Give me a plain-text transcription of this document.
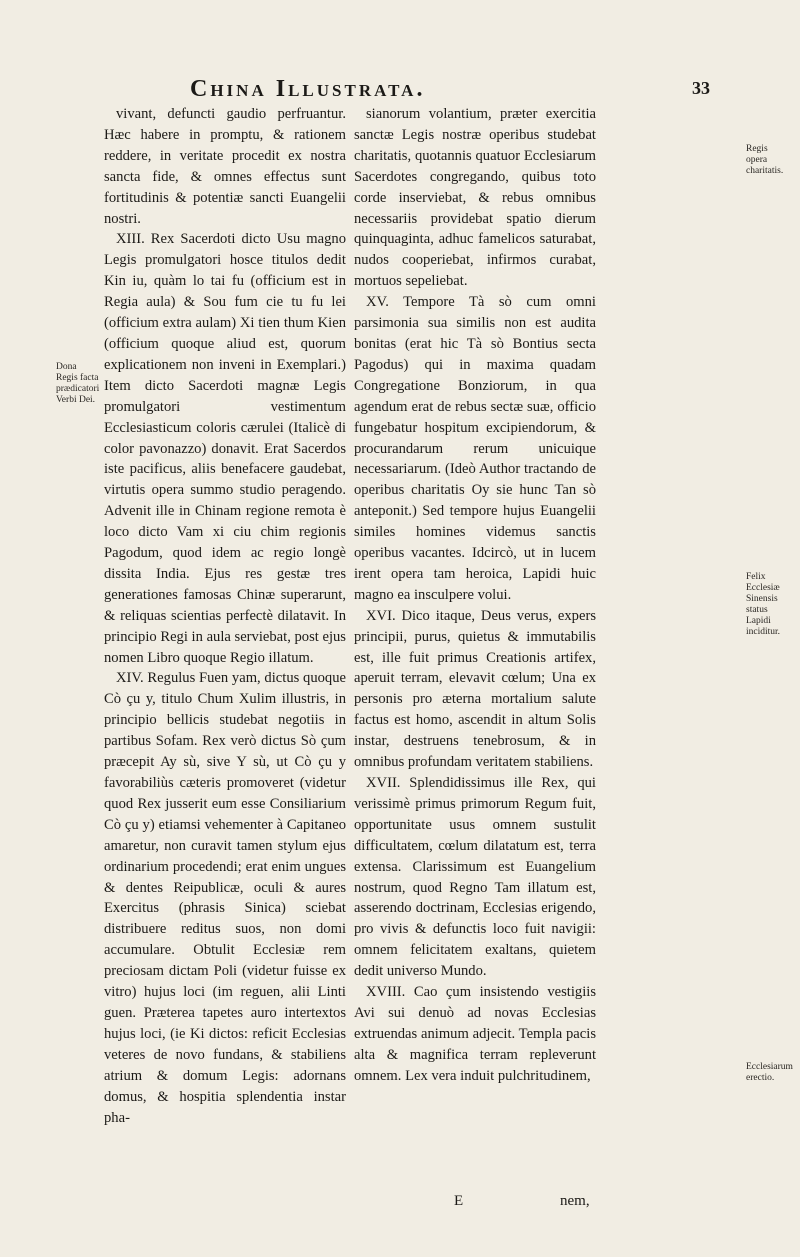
China Illustrata.	33

vivant, defuncti gaudio perfruantur. Hæc habere in promptu, & rationem reddere, in veritate procedit ex nostra sancta fide, & omnes effectus sunt fortitudinis & potentiæ sancti Euangelii nostri.

XIII. Rex Sacerdoti dicto Usu magno Legis promulgatori hosce titulos dedit Kin iu, quàm lo tai fu (officium est in Regia aula) & Sou fum cie tu fu lei (officium extra aulam) Xi tien thum Kien (officium quoque aliud est, quorum explicationem non inveni in Exemplari.) Item dicto Sacerdoti magnæ Legis promulgatori vestimentum Ecclesiasticum coloris cærulei (Italicè di color pavonazzo) donavit. Erat Sacerdos iste pacificus, aliis benefacere gaudebat, virtutis opera summo studio peragendo. Advenit ille in Chinam regione remota è loco dicto Vam xi ciu chim regionis Pagodum, quod idem ac regio longè dissita India. Ejus res gestæ tres generationes famosas Chinæ superarunt, & reliquas scientias perfectè dilatavit. In principio Regi in aula serviebat, post ejus nomen Libro quoque Regio illatum.

XIV. Regulus Fuen yam, dictus quoque Cò çu y, titulo Chum Xulim illustris, in principio bellicis studebat negotiis in partibus Sofam. Rex verò dictus Sò çum præcepit Ay sù, sive Y sù, ut Cò çu y favorabiliùs cæteris promoveret (videtur quod Rex jusserit eum esse Consiliarium Cò çu y) etiamsi vehementer à Capitaneo amaretur, non curavit tamen stylum ejus ordinarium procedendi; erat enim ungues & dentes Reipublicæ, oculi & aures Exercitus (phrasis Sinica) sciebat distribuere reditus suos, non domi accumulare. Obtulit Ecclesiæ rem preciosam dictam Poli (videtur fuisse ex vitro) hujus loci (im reguen, alii Linti guen. Præterea tapetes auro intertextos hujus loci, (ie Ki dictos: reficit Ecclesias veteres de novo fundans, & stabiliens atrium & domum Legis: adornans domus, & hospitia splendentia instar pha-

sianorum volantium, præter exercitia sanctæ Legis nostræ operibus studebat charitatis, quotannis quatuor Ecclesiarum Sacerdotes congregando, quibus toto corde inserviebat, & rebus omnibus necessariis providebat spatio dierum quinquaginta, adhuc famelicos saturabat, nudos cooperiebat, infirmos curabat, mortuos sepeliebat.

XV. Tempore Tà sò cum omni parsimonia sua similis non est audita bonitas (erat hic Tà sò Bontius secta Pagodus) qui in maxima quadam Congregatione Bonziorum, in qua agendum erat de rebus sectæ suæ, officio fungebatur hospitum excipiendorum, & procurandarum rerum unicuique necessariarum. (Ideò Author tractando de operibus charitatis Oy sie hunc Tan sò anteponit.) Sed tempore hujus Euangelii similes homines videmus sanctis operibus vacantes. Idcircò, ut in lucem irent opera tam heroica, Lapidi huic magno ea insculpere volui.

XVI. Dico itaque, Deus verus, expers principii, purus, quietus & immutabilis est, ille fuit primus Creationis artifex, aperuit terram, elevavit cœlum; Una ex personis pro æterna mortalium salute factus est homo, ascendit in altum Solis instar, destruens tenebrosum, & in omnibus profundam veritatem stabiliens.

XVII. Splendidissimus ille Rex, qui verissimè primus primorum Regum fuit, opportunitate usus omnem sustulit difficultatem, cœlum dilatatum est, terra extensa. Clarissimum est Euangelium nostrum, quod Regno Tam illatum est, asserendo doctrinam, Ecclesias erigendo, pro vivis & defunctis loco fuit navigii: omnem felicitatem exaltans, quietem dedit universo Mundo.

XVIII. Cao çum insistendo vestigiis Avi sui denuò ad novas Ecclesias extruendas animum adjecit. Templa pacis alta & magnifica terram repleverunt omnem. Lex vera induit pulchritudinem,

Dona Regis facta prædicatori Verbi Dei.
Regis opera charitatis.
Felix Ecclesiæ Sinensis status Lapidi inciditur.
Ecclesiarum erectio.
E	nem,
